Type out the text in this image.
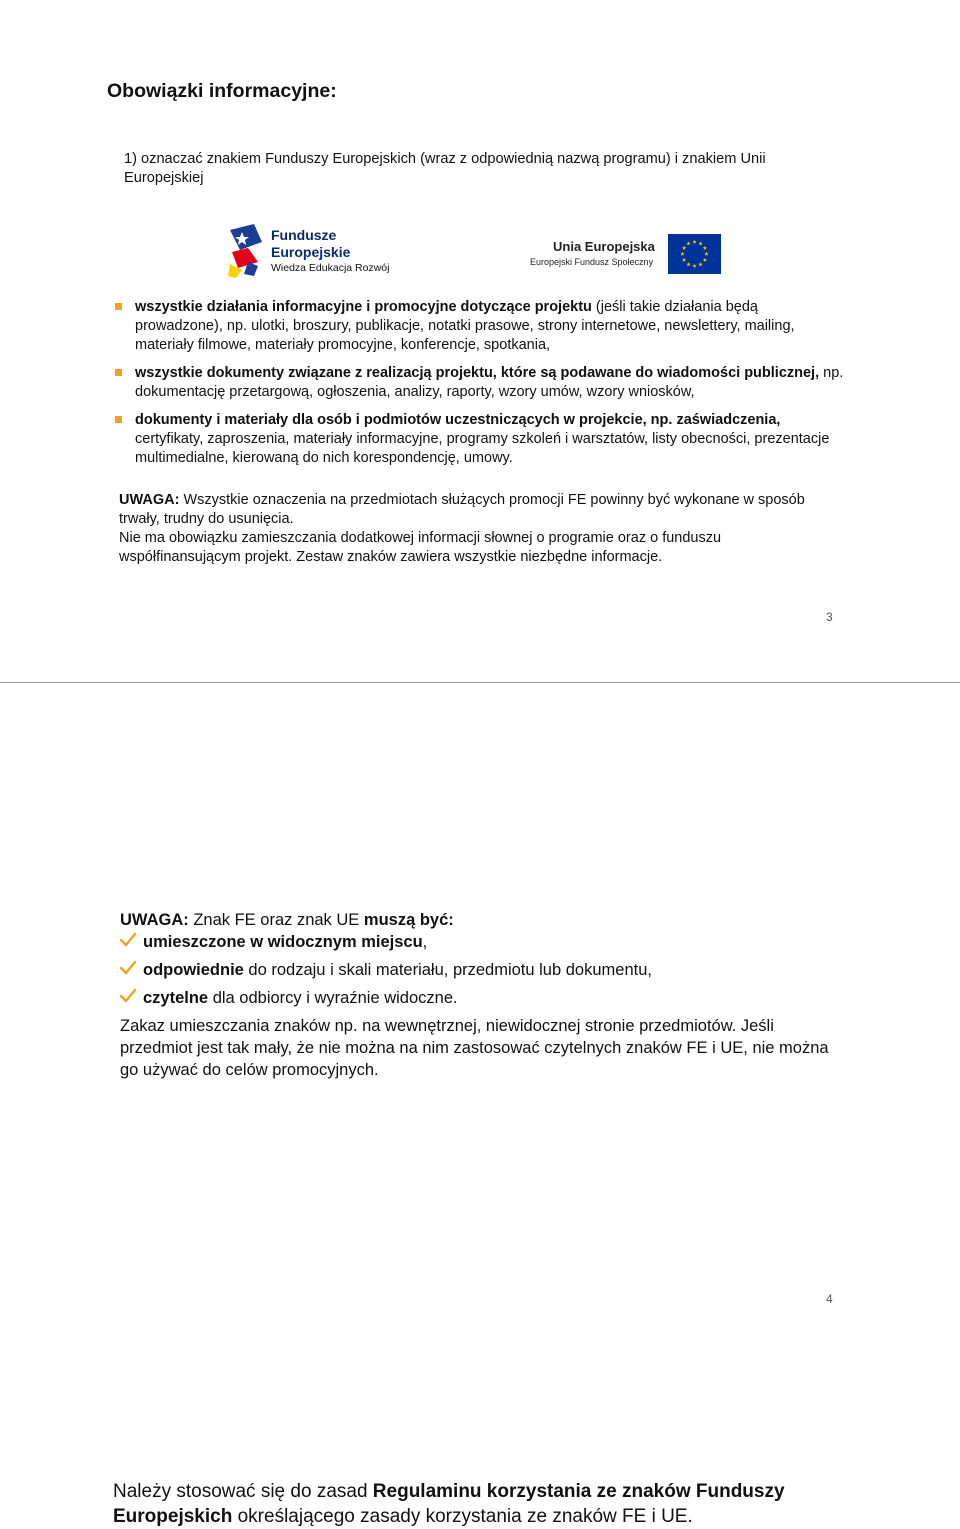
Obowiązki informacyjne:

1) oznaczać znakiem Funduszy Europejskich (wraz z odpowiednią nazwą programu) i znakiem Unii Europejskiej

Fundusze
Europejskie
Wiedza Edukacja Rozwój
Unia Europejska
Europejski Fundusz Społeczny
wszystkie działania informacyjne i promocyjne dotyczące projektu (jeśli takie działania będą prowadzone), np. ulotki, broszury, publikacje, notatki prasowe, strony internetowe, newslettery, mailing, materiały filmowe, materiały promocyjne, konferencje, spotkania,
wszystkie dokumenty związane z realizacją projektu, które są podawane do wiadomości publicznej, np. dokumentację przetargową, ogłoszenia, analizy, raporty, wzory umów, wzory wniosków,
dokumenty i materiały dla osób i podmiotów uczestniczących w projekcie, np. zaświadczenia, certyfikaty, zaproszenia, materiały informacyjne, programy szkoleń i warsztatów, listy obecności, prezentacje multimedialne, kierowaną do nich korespondencję, umowy.

UWAGA: Wszystkie oznaczenia na przedmiotach służących promocji FE powinny być wykonane w sposób trwały, trudny do usunięcia.

Nie ma obowiązku zamieszczania dodatkowej informacji słownej o programie oraz o funduszu współfinansującym projekt. Zestaw znaków zawiera wszystkie niezbędne informacje.

3

Należy stosować się do zasad Regulaminu korzystania ze znaków Funduszy Europejskich określającego zasady korzystania ze znaków FE i UE.

UWAGA: Znak FE oraz znak UE muszą być:
umieszczone w widocznym miejscu,
odpowiednie do rodzaju i skali materiału, przedmiotu lub dokumentu,
czytelne dla odbiorcy i wyraźnie widoczne.

Zakaz umieszczania znaków np. na wewnętrznej, niewidocznej stronie przedmiotów. Jeśli przedmiot jest tak mały, że nie można na nim zastosować czytelnych znaków FE i UE, nie można go używać do celów promocyjnych.

4
